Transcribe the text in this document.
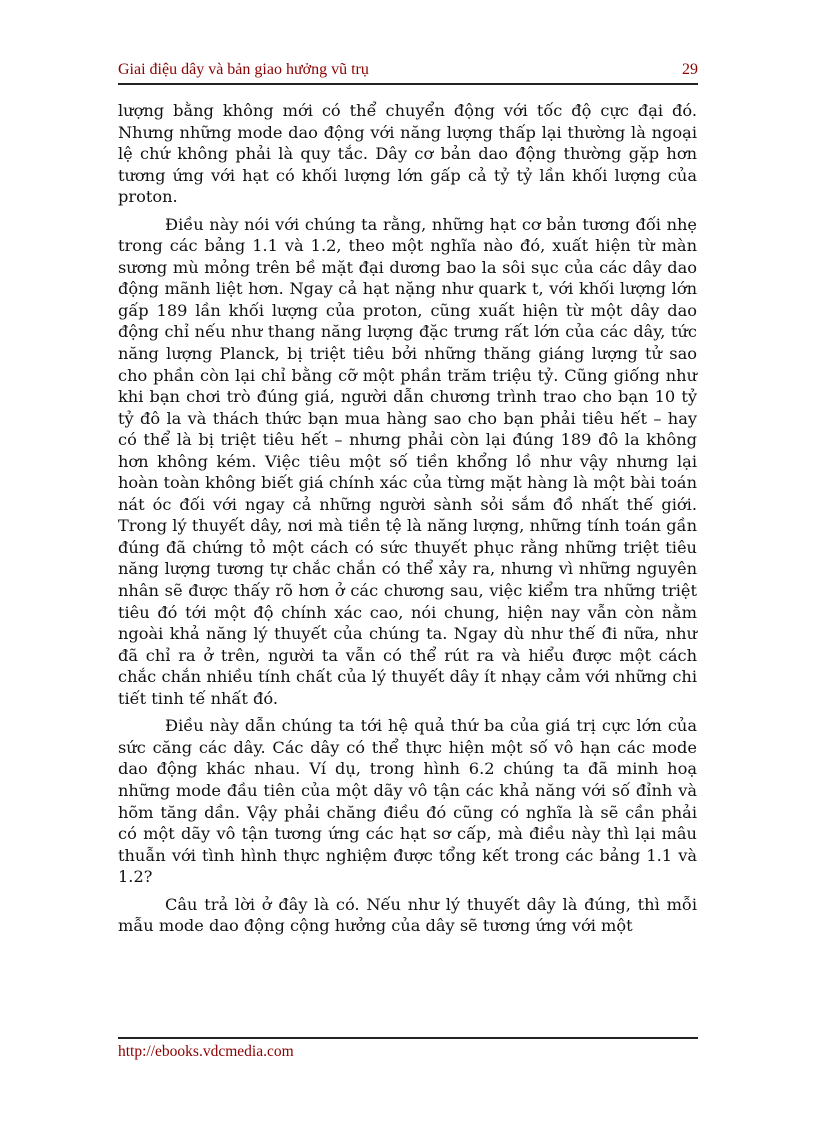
Giai điệu dây và bản giao hưởng vũ trụ	29

lượng bằng không mới có thể chuyển động với tốc độ cực đại đó. Nhưng những mode dao động với năng lượng thấp lại thường là ngoại lệ chứ không phải là quy tắc. Dây cơ bản dao động thường gặp hơn tương ứng với hạt có khối lượng lớn gấp cả tỷ tỷ lần khối lượng của proton.

Điều này nói với chúng ta rằng, những hạt cơ bản tương đối nhẹ trong các bảng 1.1 và 1.2, theo một nghĩa nào đó, xuất hiện từ màn sương mù mỏng trên bề mặt đại dương bao la sôi sục của các dây dao động mãnh liệt hơn. Ngay cả hạt nặng như quark t, với khối lượng lớn gấp 189 lần khối lượng của proton, cũng xuất hiện từ một dây dao động chỉ nếu như thang năng lượng đặc trưng rất lớn của các dây, tức năng lượng Planck, bị triệt tiêu bởi những thăng giáng lượng tử sao cho phần còn lại chỉ bằng cỡ một phần trăm triệu tỷ. Cũng giống như khi bạn chơi trò đúng giá, người dẫn chương trình trao cho bạn 10 tỷ tỷ đô la và thách thức bạn mua hàng sao cho bạn phải tiêu hết – hay có thể là bị triệt tiêu hết – nhưng phải còn lại đúng 189 đô la không hơn không kém. Việc tiêu một số tiền khổng lồ như vậy nhưng lại hoàn toàn không biết giá chính xác của từng mặt hàng là một bài toán nát óc đối với ngay cả những người sành sỏi sắm đồ nhất thế giới. Trong lý thuyết dây, nơi mà tiền tệ là năng lượng, những tính toán gần đúng đã chứng tỏ một cách có sức thuyết phục rằng những triệt tiêu năng lượng tương tự chắc chắn có thể xảy ra, nhưng vì những nguyên nhân sẽ được thấy rõ hơn ở các chương sau, việc kiểm tra những triệt tiêu đó tới một độ chính xác cao, nói chung, hiện nay vẫn còn nằm ngoài khả năng lý thuyết của chúng ta. Ngay dù như thế đi nữa, như đã chỉ ra ở trên, người ta vẫn có thể rút ra và hiểu được một cách chắc chắn nhiều tính chất của lý thuyết dây ít nhạy cảm với những chi tiết tinh tế nhất đó.

Điều này dẫn chúng ta tới hệ quả thứ ba của giá trị cực lớn của sức căng các dây. Các dây có thể thực hiện một số vô hạn các mode dao động khác nhau. Ví dụ, trong hình 6.2 chúng ta đã minh hoạ những mode đầu tiên của một dãy vô tận các khả năng với số đỉnh và hõm tăng dần. Vậy phải chăng điều đó cũng có nghĩa là sẽ cần phải có một dãy vô tận tương ứng các hạt sơ cấp, mà điều này thì lại mâu thuẫn với tình hình thực nghiệm được tổng kết trong các bảng 1.1 và 1.2?

Câu trả lời ở đây là có. Nếu như lý thuyết dây là đúng, thì mỗi mẫu mode dao động cộng hưởng của dây sẽ tương ứng với một

http://ebooks.vdcmedia.com
